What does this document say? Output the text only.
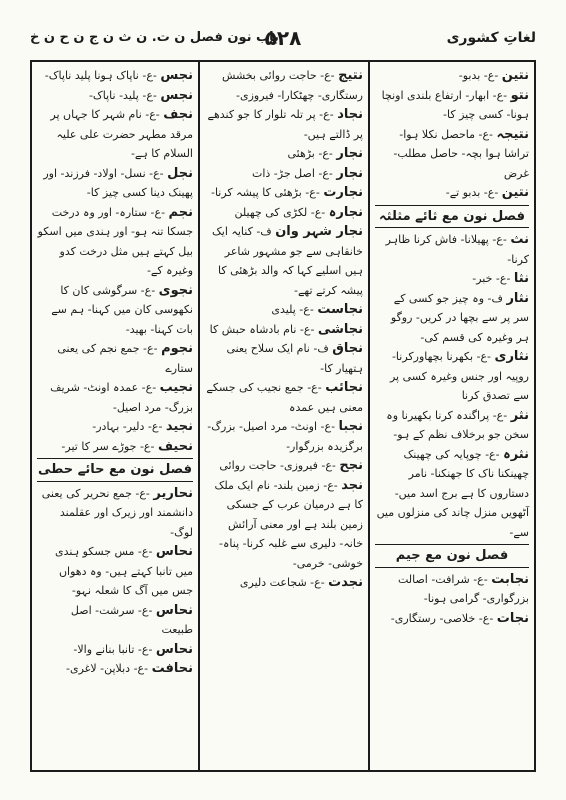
لغاتِ کشوری
۵۲۸
باب نون فصل ن ت. ن ث ن ج ن ح ن خ
نتین -ع- بدبو-
نتو -ع- ابھار- ارتفاع بلندی اونچا ہونا- کسی چیز کا-
نتیجہ -ع- ماحصل نکلا ہوا- تراشا ہوا بچہ- حاصل مطلب- غرض
نتین -ع- بدبو تے-
فصل نون مع ثائے مثلثہ
نث -ع- پھیلانا- فاش کرنا ظاہر کرنا-
نثا -ع- خبر-
نثار ف- وہ چیز جو کسی کے سر پر سے بچھا در کریں- روگو ہر وغیرہ کی قسم کی-
نثاری -ع- بکھرنا بچھاورکرنا- روپیہ اور جنس وغیرہ کسی پر سے تصدق کرنا
نثر -ع- پراگندہ کرنا بکھیرنا وہ سخن جو برخلاف نظم کے ہو-
نثرہ -ع- چوپایہ کی چھینک چھینکنا ناک کا جھنکنا- نامر دستاروں کا ہے برج اسد میں- آٹھویں منزل چاند کی منزلوں میں سے-
فصل نون مع جیم
نجابت -ع- شرافت- اصالت بزرگواری- گرامی ہونا-
نجات -ع- خلاصی- رستگاری-
نتیج -ع- حاجت روائی بخشش رستگاری- چھٹکارا- فیروزی-
نجاد -ع- پر تلہ تلوار کا جو کندھے پر ڈالتے ہیں-
نجار -ع- بڑھئی
نجار -ع- اصل جڑ- ذات
نجارت -ع- بڑھئی کا پیشہ کرنا-
نجارہ -ع- لکڑی کی چھیلن
نجار شہر وان ف- کنایہ ایک خانقاہی سے جو مشہور شاعر ہیں اسلیے کہا کہ والد بڑھئی کا پیشہ کرتے تھے-
نجاست -ع- پلیدی
نجاشی -ع- نام بادشاہ حبش کا
نجاق ف- نام ایک سلاح یعنی ہتھیار کا-
نجائب -ع- جمع نجیب کی جسکے معنی ہیں عمدہ
نجبا -ع- اونٹ- مرد اصیل- بزرگ- برگزیدہ بزرگوار-
نجح -ع- فیروزی- حاجت روائی
نجد -ع- زمین بلند- نام ایک ملک کا ہے درمیان عرب کے جسکی زمین بلند ہے اور معنی آرائش خانہ- دلیری سے غلبہ کرنا- پناہ- خوشی- خرمی-
نجدت -ع- شجاعت دلیری
نجس -ع- ناپاک ہونا پلید ناپاک-
نجس -ع- پلید- ناپاک-
نجف -ع- نام شہر کا جہاں پر مرقد مطہر حضرت علی علیہ السلام کا ہے-
نجل -ع- نسل- اولاد- فرزند- اور پھینک دینا کسی چیز کا-
نجم -ع- ستارہ- اور وہ درخت جسکا تنہ ہو- اور ہندی میں اسکو بیل کہتے ہیں مثل درخت کدو وغیرہ کے-
نجوی -ع- سرگوشی کان کا نکھوسی کان میں کہنا- ہم سے بات کہنا- بھید-
نجوم -ع- جمع نجم کی یعنی ستارے
نجیب -ع- عمدہ اونٹ- شریف بزرگ- مرد اصیل-
نجید -ع- دلیر- بہادر-
نحیف -ع- جوڑے سر کا تیر-
فصل نون مع حائے حطی
نحاریر -ع- جمع نحریر کی یعنی دانشمند اور زیرک اور عقلمند لوگ-
نحاس -ع- مس جسکو ہندی میں تانبا کہتے ہیں- وہ دھواں جس میں آگ کا شعلہ نہو-
نحاس -ع- سرشت- اصل طبیعت
نحاس -ع- تانبا بنانے والا-
نحافت -ع- دبلاپن- لاغری-
